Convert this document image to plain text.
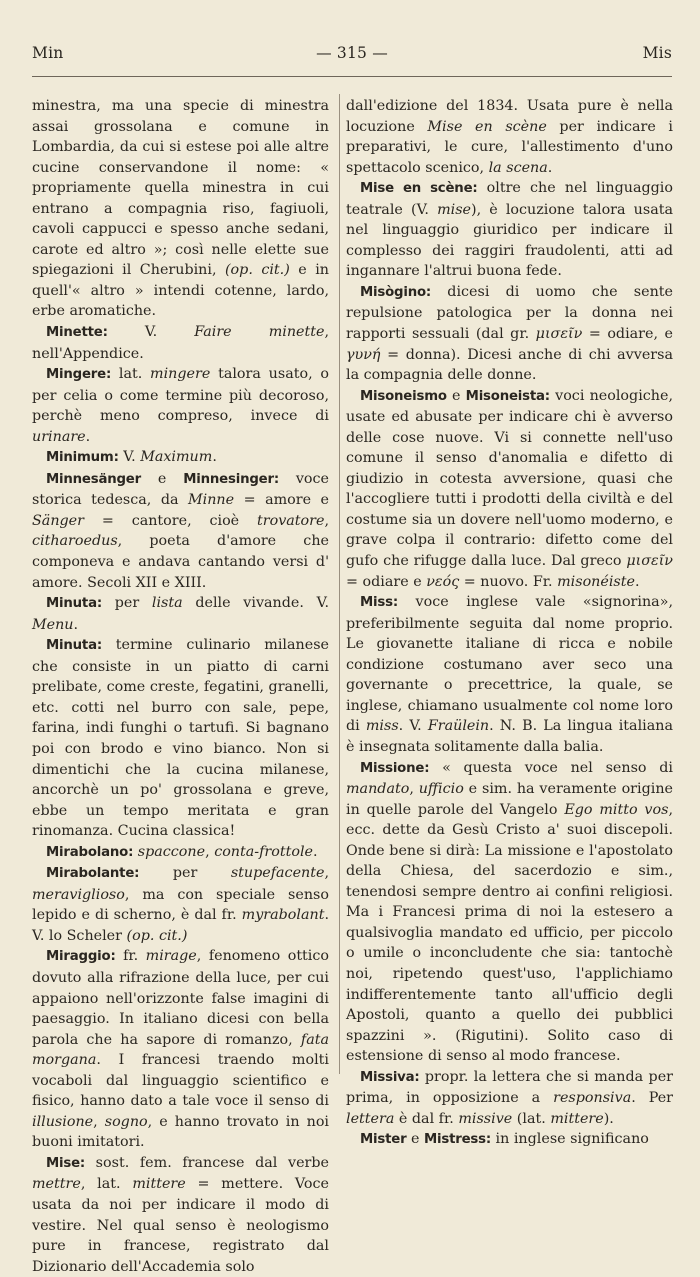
Min	— 315 —	Mis

minestra, ma una specie di minestra assai grossolana e comune in Lombardia, da cui si estese poi alle altre cucine conservandone il nome: « propriamente quella minestra in cui entrano a compagnia riso, fagiuoli, cavoli cappucci e spesso anche sedani, carote ed altro »; così nelle elette sue spiegazioni il Cherubini, (op. cit.) e in quell'« altro » intendi cotenne, lardo, erbe aromatiche.

Minette: V. Faire minette, nell'Appendice.

Mingere: lat. mingere talora usato, o per celia o come termine più decoroso, perchè meno compreso, invece di urinare.

Minimum: V. Maximum.

Minnesänger e Minnesinger: voce storica tedesca, da Minne = amore e Sänger = cantore, cioè trovatore, citharoedus, poeta d'amore che componeva e andava cantando versi d' amore. Secoli XII e XIII.

Minuta: per lista delle vivande. V. Menu.

Minuta: termine culinario milanese che consiste in un piatto di carni prelibate, come creste, fegatini, granelli, etc. cotti nel burro con sale, pepe, farina, indi funghi o tartufi. Si bagnano poi con brodo e vino bianco. Non si dimentichi che la cucina milanese, ancorchè un po' grossolana e greve, ebbe un tempo meritata e gran rinomanza. Cucina classica!

Mirabolano: spaccone, conta-frottole.

Mirabolante: per stupefacente, meraviglioso, ma con speciale senso lepido e di scherno, è dal fr. myrabolant. V. lo Scheler (op. cit.)

Miraggio: fr. mirage, fenomeno ottico dovuto alla rifrazione della luce, per cui appaiono nell'orizzonte false imagini di paesaggio. In italiano dicesi con bella parola che ha sapore di romanzo, fata morgana. I francesi traendo molti vocaboli dal linguaggio scientifico e fisico, hanno dato a tale voce il senso di illusione, sogno, e hanno trovato in noi buoni imitatori.

Mise: sost. fem. francese dal verbe mettre, lat. mittere = mettere. Voce usata da noi per indicare il modo di vestire. Nel qual senso è neologismo pure in francese, registrato dal Dizionario dell'Accademia solo

dall'edizione del 1834. Usata pure è nella locuzione Mise en scène per indicare i preparativi, le cure, l'allestimento d'uno spettacolo scenico, la scena.

Mise en scène: oltre che nel linguaggio teatrale (V. mise), è locuzione talora usata nel linguaggio giuridico per indicare il complesso dei raggiri fraudolenti, atti ad ingannare l'altrui buona fede.

Misògino: dicesi di uomo che sente repulsione patologica per la donna nei rapporti sessuali (dal gr. μισεῖν = odiare, e γυνή = donna). Dicesi anche di chi avversa la compagnia delle donne.

Misoneismo e Misoneista: voci neologiche, usate ed abusate per indicare chi è avverso delle cose nuove. Vi si connette nell'uso comune il senso d'anomalia e difetto di giudizio in cotesta avversione, quasi che l'accogliere tutti i prodotti della civiltà e del costume sia un dovere nell'uomo moderno, e grave colpa il contrario: difetto come del gufo che rifugge dalla luce. Dal greco μισεῖν = odiare e νεός = nuovo. Fr. misonéiste.

Miss: voce inglese vale «signorina», preferibilmente seguita dal nome proprio. Le giovanette italiane di ricca e nobile condizione costumano aver seco una governante o precettrice, la quale, se inglese, chiamano usualmente col nome loro di miss. V. Fraülein. N. B. La lingua italiana è insegnata solitamente dalla balia.

Missione: « questa voce nel senso di mandato, ufficio e sim. ha veramente origine in quelle parole del Vangelo Ego mitto vos, ecc. dette da Gesù Cristo a' suoi discepoli. Onde bene si dirà: La missione e l'apostolato della Chiesa, del sacerdozio e sim., tenendosi sempre dentro ai confini religiosi. Ma i Francesi prima di noi la estesero a qualsivoglia mandato ed ufficio, per piccolo o umile o inconcludente che sia: tantochè noi, ripetendo quest'uso, l'applichiamo indifferentemente tanto all'ufficio degli Apostoli, quanto a quello dei pubblici spazzini ». (Rigutini). Solito caso di estensione di senso al modo francese.

Missiva: propr. la lettera che si manda per prima, in opposizione a responsiva. Per lettera è dal fr. missive (lat. mittere).

Mister e Mistress: in inglese significano
